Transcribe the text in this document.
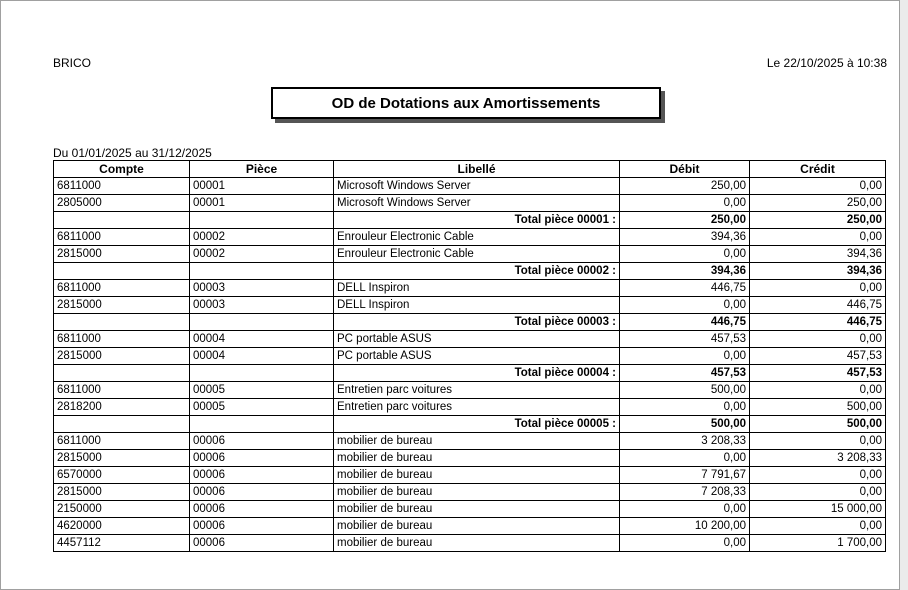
BRICO	Le 22/10/2025 à 10:38
OD de Dotations aux Amortissements
Du 01/01/2025 au 31/12/2025
Compte	Pièce	Libellé	Débit	Crédit
6811000	00001	Microsoft Windows Server	250,00	0,00
2805000	00001	Microsoft Windows Server	0,00	250,00
		Total pièce 00001 :	250,00	250,00
6811000	00002	Enrouleur Electronic Cable	394,36	0,00
2815000	00002	Enrouleur Electronic Cable	0,00	394,36
		Total pièce 00002 :	394,36	394,36
6811000	00003	DELL Inspiron	446,75	0,00
2815000	00003	DELL Inspiron	0,00	446,75
		Total pièce 00003 :	446,75	446,75
6811000	00004	PC portable ASUS	457,53	0,00
2815000	00004	PC portable ASUS	0,00	457,53
		Total pièce 00004 :	457,53	457,53
6811000	00005	Entretien parc voitures	500,00	0,00
2818200	00005	Entretien parc voitures	0,00	500,00
		Total pièce 00005 :	500,00	500,00
6811000	00006	mobilier de bureau	3 208,33	0,00
2815000	00006	mobilier de bureau	0,00	3 208,33
6570000	00006	mobilier de bureau	7 791,67	0,00
2815000	00006	mobilier de bureau	7 208,33	0,00
2150000	00006	mobilier de bureau	0,00	15 000,00
4620000	00006	mobilier de bureau	10 200,00	0,00
4457112	00006	mobilier de bureau	0,00	1 700,00
